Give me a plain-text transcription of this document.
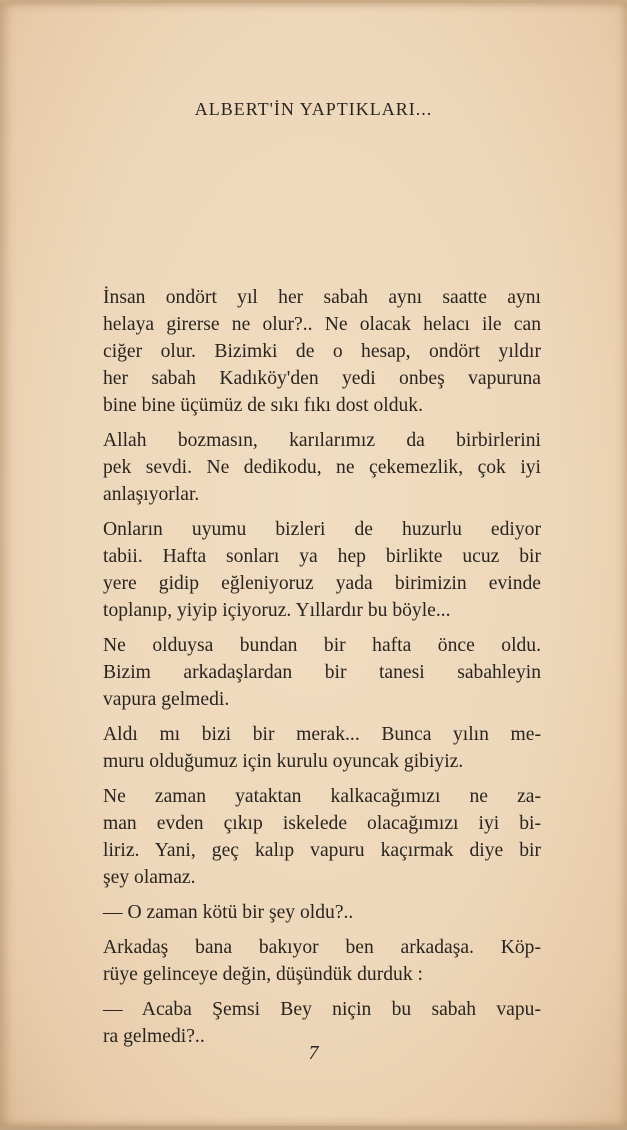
ALBERT'İN YAPTIKLARI...

İnsan ondört yıl her sabah aynı saatte aynı
helaya girerse ne olur?.. Ne olacak helacı ile can
ciğer olur. Bizimki de o hesap, ondört yıldır
her sabah Kadıköy'den yedi onbeş vapuruna
bine bine üçümüz de sıkı fıkı dost olduk.

Allah bozmasın, karılarımız da birbirlerini
pek sevdi. Ne dedikodu, ne çekemezlik, çok iyi
anlaşıyorlar.

Onların uyumu bizleri de huzurlu ediyor
tabii. Hafta sonları ya hep birlikte ucuz bir
yere gidip eğleniyoruz yada birimizin evinde
toplanıp, yiyip içiyoruz. Yıllardır bu böyle...

Ne olduysa bundan bir hafta önce oldu.
Bizim arkadaşlardan bir tanesi sabahleyin
vapura gelmedi.

Aldı mı bizi bir merak... Bunca yılın me-
muru olduğumuz için kurulu oyuncak gibiyiz.

Ne zaman yataktan kalkacağımızı ne za-
man evden çıkıp iskelede olacağımızı iyi bi-
liriz. Yani, geç kalıp vapuru kaçırmak diye bir
şey olamaz.

— O zaman kötü bir şey oldu?..

Arkadaş bana bakıyor ben arkadaşa. Köp-
rüye gelinceye değin, düşündük durduk :

— Acaba Şemsi Bey niçin bu sabah vapu-
ra gelmedi?..

7
